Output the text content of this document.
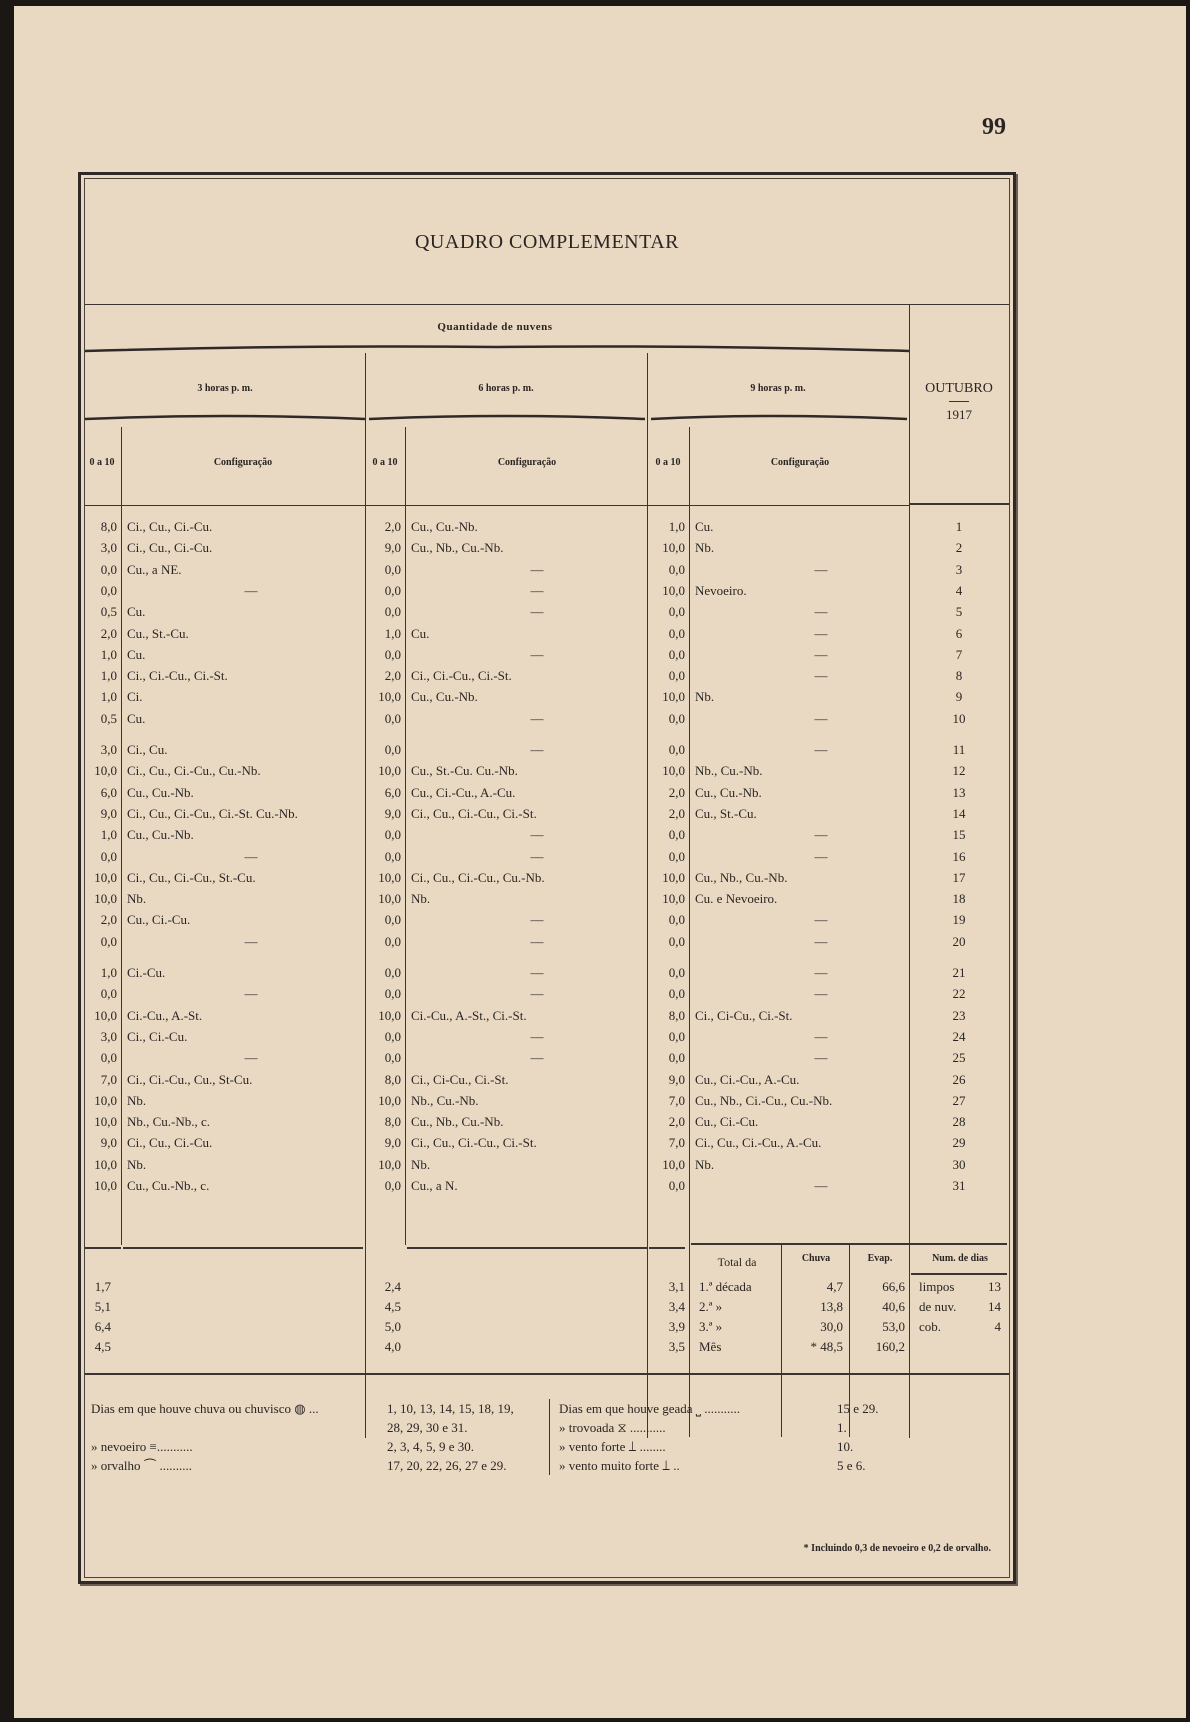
99
QUADRO COMPLEMENTAR
Quantidade de nuvens
3 horas p. m.	6 horas p. m.	9 horas p. m.	OUTUBRO
1917
0 a 10	Configuração	0 a 10	Configuração	0 a 10	Configuração
8,0 Ci., Cu., Ci.-Cu.	2,0 Cu., Cu.-Nb.	1,0 Cu.	1
3,0 Ci., Cu., Ci.-Cu.	9,0 Cu., Nb., Cu.-Nb.	10,0 Nb.	2
0,0 Cu., a NE.	0,0	—	0,0	—	3
0,0	—	0,0	—	10,0 Nevoeiro.	4
0,5 Cu.	0,0	—	0,0	—	5
2,0 Cu., St.-Cu.	1,0 Cu.	0,0	—	6
1,0 Cu.	0,0	—	0,0	—	7
1,0 Ci., Ci.-Cu., Ci.-St.	2,0 Ci., Ci.-Cu., Ci.-St.	0,0	—	8
1,0 Ci.	10,0 Cu., Cu.-Nb.	10,0 Nb.	9
0,5 Cu.	0,0	—	0,0	—	10
3,0 Ci., Cu.	0,0	—	0,0	—	11
10,0 Ci., Cu., Ci.-Cu., Cu.-Nb.	10,0 Cu., St.-Cu. Cu.-Nb.	10,0 Nb., Cu.-Nb.	12
6,0 Cu., Cu.-Nb.	6,0 Cu., Ci.-Cu., A.-Cu.	2,0 Cu., Cu.-Nb.	13
9,0 Ci., Cu., Ci.-Cu., Ci.-St. Cu.-Nb.	9,0 Ci., Cu., Ci.-Cu., Ci.-St.	2,0 Cu., St.-Cu.	14
1,0 Cu., Cu.-Nb.	0,0	—	0,0	—	15
0,0	—	0,0	—	0,0	—	16
10,0 Ci., Cu., Ci.-Cu., St.-Cu.	10,0 Ci., Cu., Ci.-Cu., Cu.-Nb.	10,0 Cu., Nb., Cu.-Nb.	17
10,0 Nb.	10,0 Nb.	10,0 Cu. e Nevoeiro.	18
2,0 Cu., Ci.-Cu.	0,0	—	0,0	—	19
0,0	—	0,0	—	0,0	—	20
1,0 Ci.-Cu.	0,0	—	0,0	—	21
0,0	—	0,0	—	0,0	—	22
10,0 Ci.-Cu., A.-St.	10,0 Ci.-Cu., A.-St., Ci.-St.	8,0 Ci., Ci-Cu., Ci.-St.	23
3,0 Ci., Ci.-Cu.	0,0	—	0,0	—	24
0,0	—	0,0	—	0,0	—	25
7,0 Ci., Ci.-Cu., Cu., St-Cu.	8,0 Ci., Ci-Cu., Ci.-St.	9,0 Cu., Ci.-Cu., A.-Cu.	26
10,0 Nb.	10,0 Nb., Cu.-Nb.	7,0 Cu., Nb., Ci.-Cu., Cu.-Nb.	27
10,0 Nb., Cu.-Nb., c.	8,0 Cu., Nb., Cu.-Nb.	2,0 Cu., Ci.-Cu.	28
9,0 Ci., Cu., Ci.-Cu.	9,0 Ci., Cu., Ci.-Cu., Ci.-St.	7,0 Ci., Cu., Ci.-Cu., A.-Cu.	29
10,0 Nb.	10,0 Nb.	10,0 Nb.	30
10,0 Cu., Cu.-Nb., c.	0,0 Cu., a N.	0,0	—	31
Total da	Chuva	Evap.	Num. de dias
1,7	2,4	3,1 1.ª década	4,7	66,6 limpos	13
5,1	4,5	3,4 2.ª »	13,8	40,6 de nuv.	14
6,4	5,0	3,9 3.ª »	30,0	53,0 cob.	4
4,5	4,0	3,5 Mês	* 48,5	160,2
Dias em que houve chuva ou chuvisco ◍ ...	1, 10, 13, 14, 15, 18, 19,
28, 29, 30 e 31.
» nevoeiro ≡...........	2, 3, 4, 5, 9 e 30.
» orvalho ⏜ ..........	17, 20, 22, 26, 27 e 29.
Dias em que houve geada ⎵ ...........	15 e 29.
» trovoada ⧖ ...........	1.
» vento forte ⟘ ........	10.
» vento muito forte ⟘ ..	5 e 6.
* Incluindo 0,3 de nevoeiro e 0,2 de orvalho.
